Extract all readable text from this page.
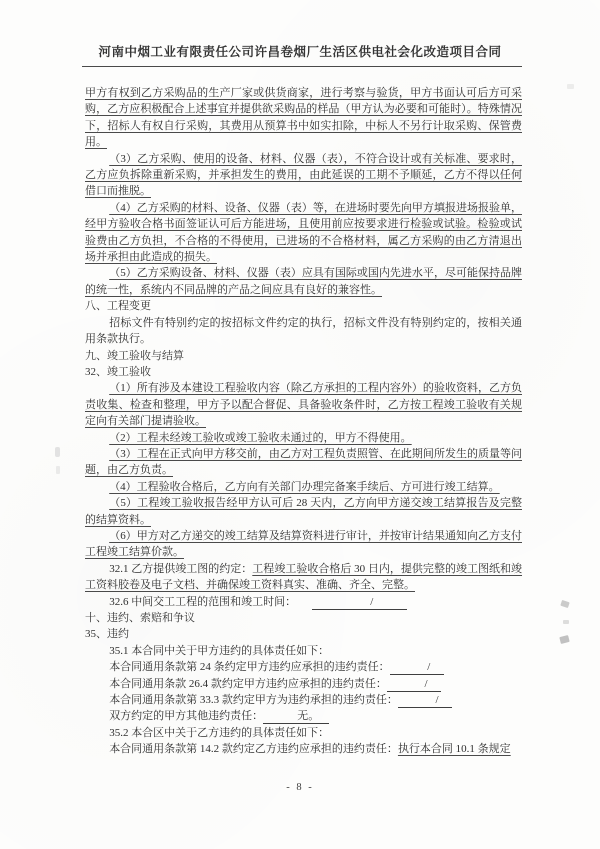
河南中烟工业有限责任公司许昌卷烟厂生活区供电社会化改造项目合同

甲方有权到乙方采购品的生产厂家或供货商家，进行考察与验货，甲方书面认可后方可采购，乙方应积极配合上述事宜并提供欲采购品的样品（甲方认为必要和可能时）。特殊情况下，招标人有权自行采购，其费用从预算书中如实扣除，中标人不另行计取采购、保管费用。

（3）乙方采购、使用的设备、材料、仪器（表），不符合设计或有关标准、要求时，乙方应负拆除重新采购，并承担发生的费用，由此延误的工期不予顺延，乙方不得以任何借口而推脱。

（4）乙方采购的材料、设备、仪器（表）等，在进场时要先向甲方填报进场报验单，经甲方验收合格书面签证认可后方能进场，且使用前应按要求进行检验或试验。检验或试验费由乙方负担，不合格的不得使用，已进场的不合格材料，属乙方采购的由乙方清退出场并承担由此造成的损失。

（5）乙方采购设备、材料、仪器（表）应具有国际或国内先进水平，尽可能保持品牌的统一性，系统内不同品牌的产品之间应具有良好的兼容性。

八、工程变更

招标文件有特别约定的按招标文件约定的执行，招标文件没有特别约定的，按相关通用条款执行。

九、竣工验收与结算

32、竣工验收

（1）所有涉及本建设工程验收内容（除乙方承担的工程内容外）的验收资料，乙方负责收集、检查和整理，甲方予以配合督促、具备验收条件时，乙方按工程竣工验收有关规定向有关部门提请验收。

（2）工程未经竣工验收或竣工验收未通过的，甲方不得使用。

（3）工程在正式向甲方移交前，由乙方对工程负责照管、在此期间所发生的质量等问题，由乙方负责。

（4）工程验收合格后，乙方向有关部门办理完备案手续后、方可进行竣工结算。

（5）工程竣工验收报告经甲方认可后 28 天内，乙方向甲方递交竣工结算报告及完整的结算资料。

（6）甲方对乙方递交的竣工结算及结算资料进行审计，并按审计结果通知向乙方支付工程竣工结算价款。

32.1 乙方提供竣工图的约定：工程竣工验收合格后 30 日内，提供完整的竣工图纸和竣工资料胶卷及电子文档、并确保竣工资料真实、准确、齐全、完整。

32.6 中间交工工程的范围和竣工时间：	/

十、违约、索赔和争议

35、违约

35.1 本合同中关于甲方违约的具体责任如下：

本合同通用条款第 24 条约定甲方违约应承担的违约责任：	/

本合同通用条款 26.4 款约定甲方违约应承担的违约责任：	/

本合同通用条款第 33.3 款约定甲方为违约承担的违约责任：	/

双方约定的甲方其他违约责任：	无。

35.2 本合区中关于乙方违约的具体责任如下：

本合同通用条款第 14.2 款约定乙方违约应承担的违约责任：执行本合同 10.1 条规定

- 8 -
